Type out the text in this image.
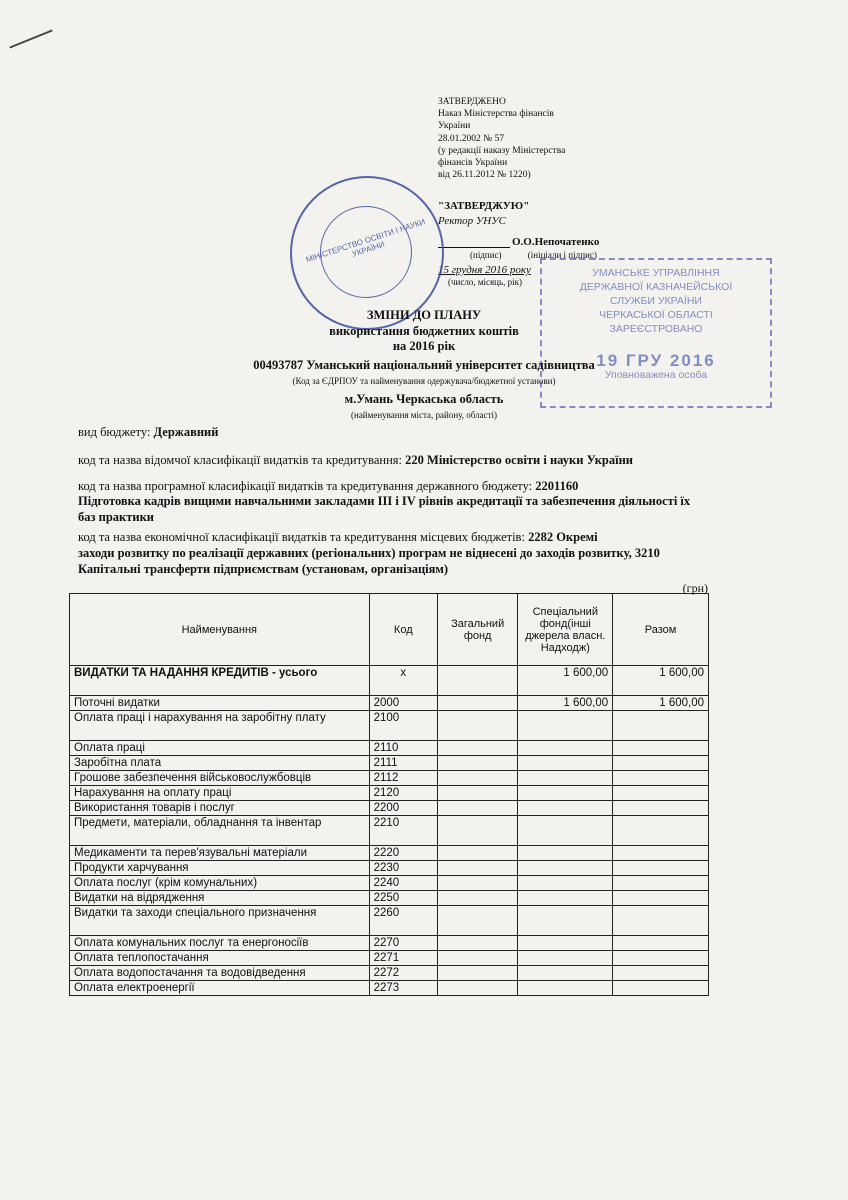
ЗАТВЕРДЖЕНО
Наказ Міністерства фінансів
України
28.01.2002 № 57
(у редакції наказу Міністерства
фінансів України
від 26.11.2012 № 1220)
"ЗАТВЕРДЖУЮ"
Ректор УНУС
О.О.Непочатенко
(підпис)	(ініціали і підпис)
15 грудня 2016 року
(число, місяць, рік)
МІНІСТЕРСТВО ОСВІТИ І НАУКИ УКРАЇНИ
УМАНСЬКЕ УПРАВЛІННЯ
ДЕРЖАВНОЇ КАЗНАЧЕЙСЬКОЇ
СЛУЖБИ УКРАЇНИ
ЧЕРКАСЬКОЇ ОБЛАСТІ
ЗАРЕЄСТРОВАНО
19 ГРУ 2016
Уповноважена особа
ЗМІНИ ДО ПЛАНУ
використання бюджетних коштів
на 2016 рік
00493787 Уманський національний університет садівництва
(Код за ЄДРПОУ та найменування одержувача/бюджетної установи)
м.Умань Черкаська область
(найменування міста, району, області)
вид бюджету: Державний
код та назва відомчої класифікації видатків та кредитування: 220 Міністерство освіти і науки України
код та назва програмної класифікації видатків та кредитування державного бюджету: 2201160
Підготовка кадрів вищими навчальними закладами III і IV рівнів акредитації та забезпечення діяльності їх баз практики
код та назва економічної класифікації видатків та кредитування місцевих бюджетів: 2282 Окремі
заходи розвитку по реалізації державних (регіональних) програм не віднесені до заходів розвитку, 3210 Капітальні трансферти підприємствам (установам, організаціям)
(грн)
Найменування	Код	Загальний фонд	Спеціальний фонд(інші джерела власн. Надходж)	Разом
ВИДАТКИ ТА НАДАННЯ КРЕДИТІВ - усього	х		1 600,00	1 600,00
Поточні видатки	2000		1 600,00	1 600,00
Оплата праці і нарахування на заробітну плату	2100			
Оплата праці	2110			
Заробітна плата	2111			
Грошове забезпечення військовослужбовців	2112			
Нарахування на оплату праці	2120			
Використання товарів і послуг	2200			
Предмети, матеріали, обладнання та інвентар	2210			
Медикаменти та перев'язувальні матеріали	2220			
Продукти харчування	2230			
Оплата послуг (крім комунальних)	2240			
Видатки на відрядження	2250			
Видатки та заходи спеціального призначення	2260			
Оплата комунальних послуг та енергоносіїв	2270			
Оплата теплопостачання	2271			
Оплата водопостачання та водовідведення	2272			
Оплата електроенергії	2273			
